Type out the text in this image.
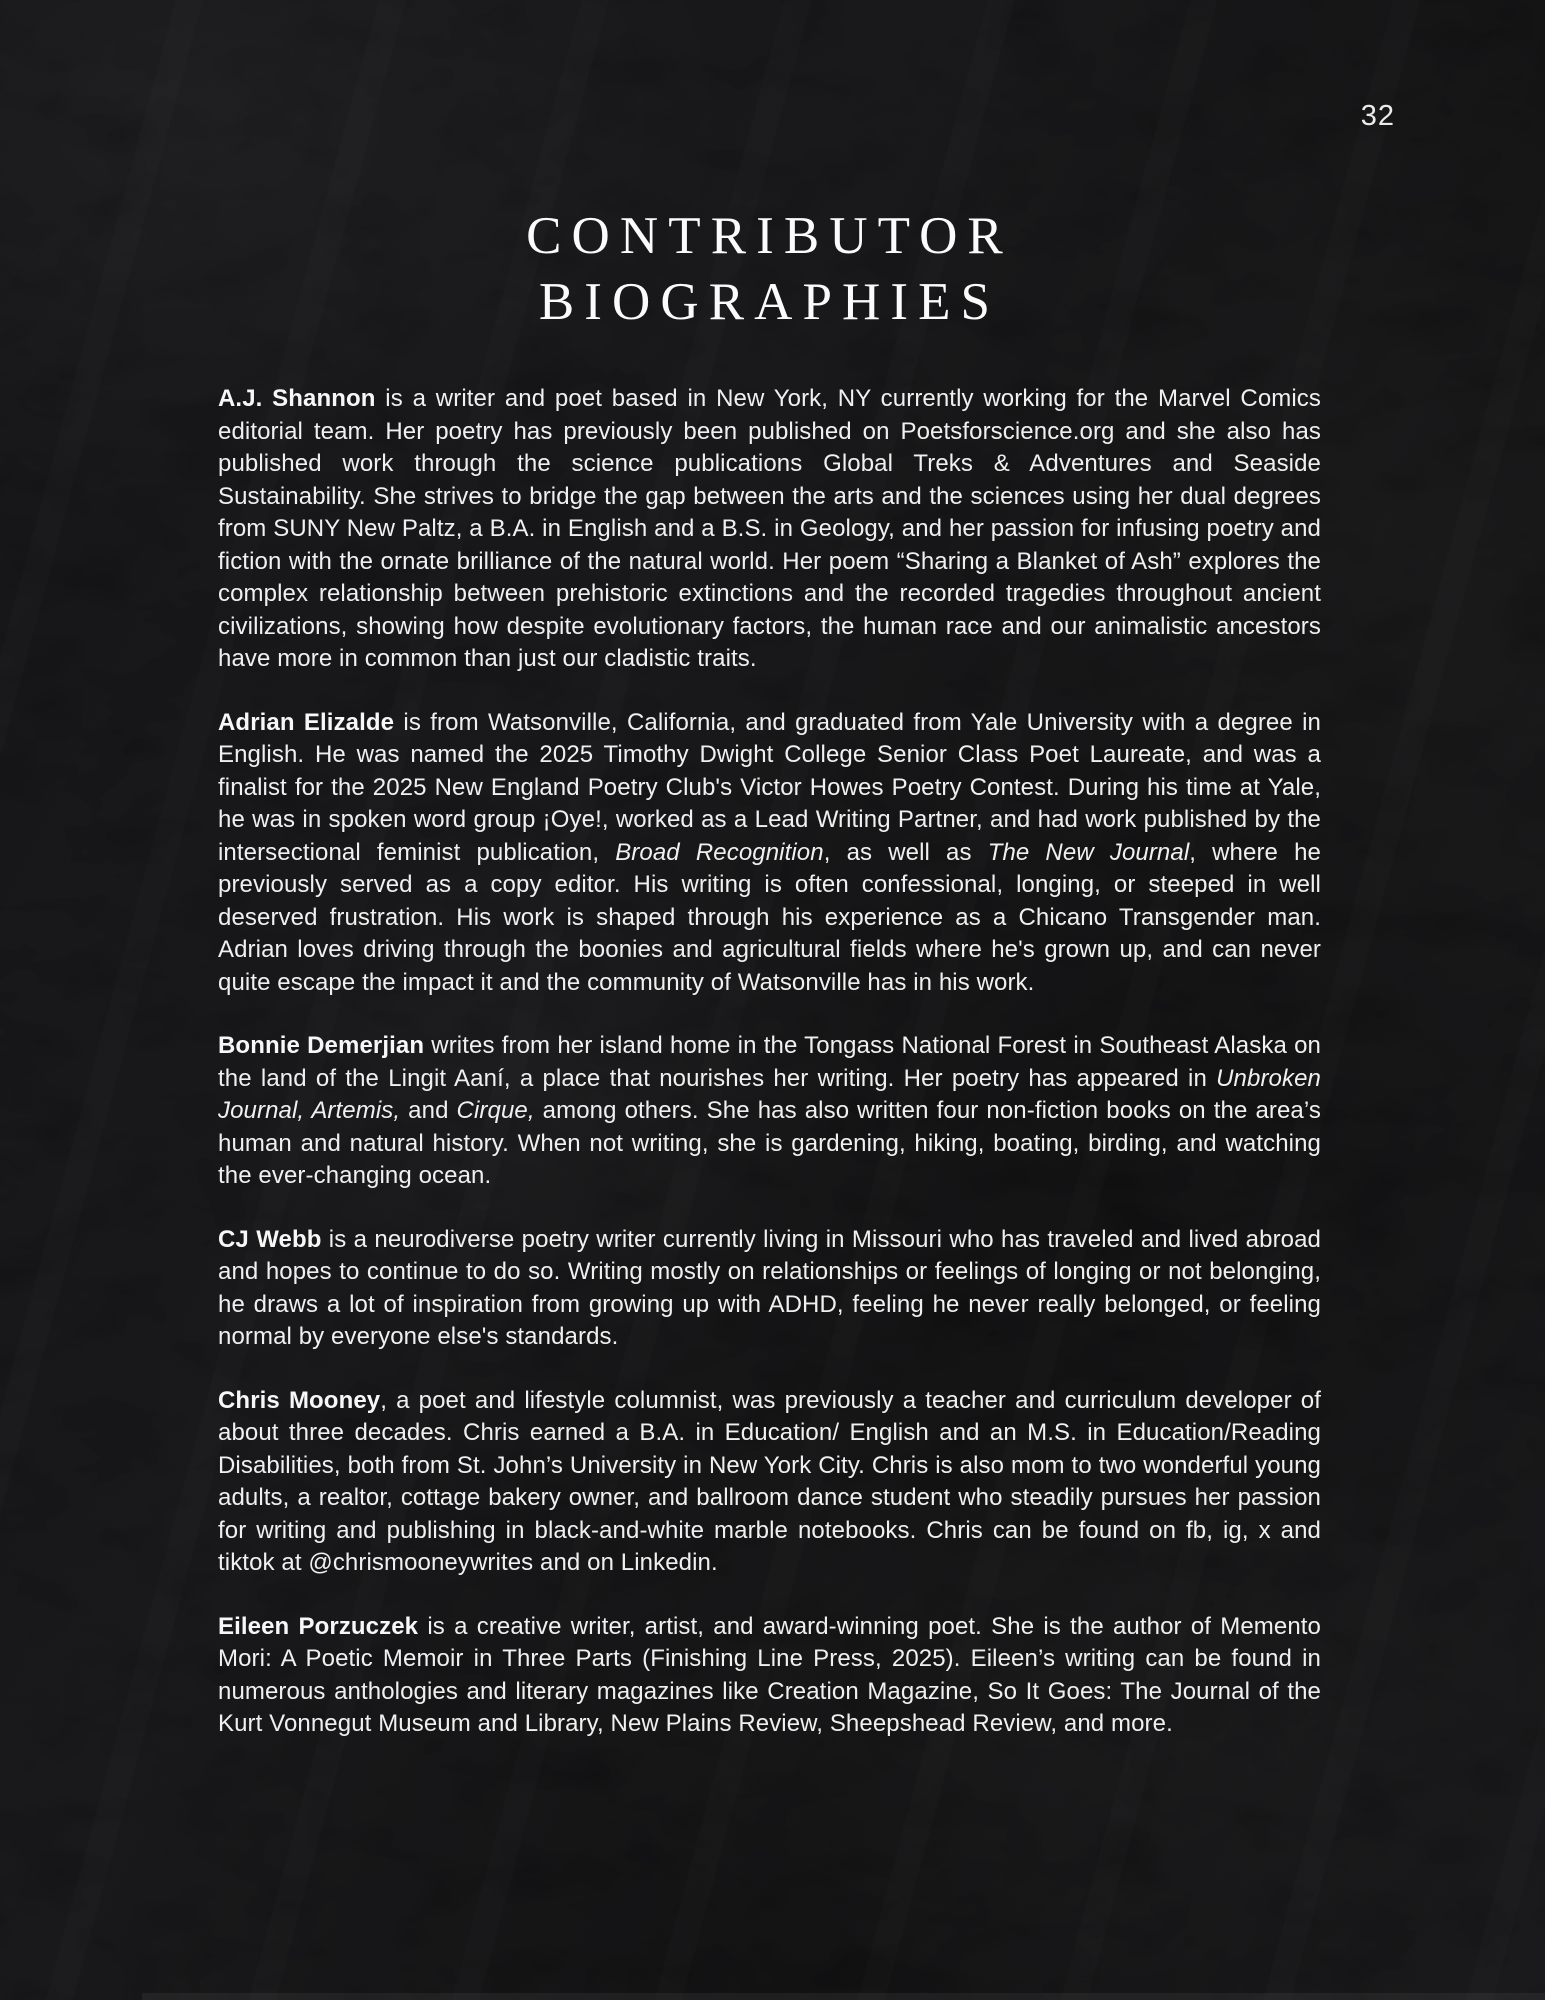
32
CONTRIBUTOR
BIOGRAPHIES

A.J. Shannon is a writer and poet based in New York, NY currently working for the Marvel Comics editorial team. Her poetry has previously been published on Poetsforscience.org and she also has published work through the science publications Global Treks & Adventures and Seaside Sustainability. She strives to bridge the gap between the arts and the sciences using her dual degrees from SUNY New Paltz, a B.A. in English and a B.S. in Geology, and her passion for infusing poetry and fiction with the ornate brilliance of the natural world. Her poem “Sharing a Blanket of Ash” explores the complex relationship between prehistoric extinctions and the recorded tragedies throughout ancient civilizations, showing how despite evolutionary factors, the human race and our animalistic ancestors have more in common than just our cladistic traits.

Adrian Elizalde is from Watsonville, California, and graduated from Yale University with a degree in English. He was named the 2025 Timothy Dwight College Senior Class Poet Laureate, and was a finalist for the 2025 New England Poetry Club's Victor Howes Poetry Contest. During his time at Yale, he was in spoken word group ¡Oye!, worked as a Lead Writing Partner, and had work published by the intersectional feminist publication, Broad Recognition, as well as The New Journal, where he previously served as a copy editor. His writing is often confessional, longing, or steeped in well deserved frustration. His work is shaped through his experience as a Chicano Transgender man. Adrian loves driving through the boonies and agricultural fields where he's grown up, and can never quite escape the impact it and the community of Watsonville has in his work.

Bonnie Demerjian writes from her island home in the Tongass National Forest in Southeast Alaska on the land of the Lingit Aaní, a place that nourishes her writing. Her poetry has appeared in Unbroken Journal, Artemis, and Cirque, among others. She has also written four non-fiction books on the area’s human and natural history. When not writing, she is gardening, hiking, boating, birding, and watching the ever-changing ocean.

CJ Webb is a neurodiverse poetry writer currently living in Missouri who has traveled and lived abroad and hopes to continue to do so. Writing mostly on relationships or feelings of longing or not belonging, he draws a lot of inspiration from growing up with ADHD, feeling he never really belonged, or feeling normal by everyone else's standards.

Chris Mooney, a poet and lifestyle columnist, was previously a teacher and curriculum developer of about three decades. Chris earned a B.A. in Education/ English and an M.S. in Education/Reading Disabilities, both from St. John’s University in New York City. Chris is also mom to two wonderful young adults, a realtor, cottage bakery owner, and ballroom dance student who steadily pursues her passion for writing and publishing in black-and-white marble notebooks. Chris can be found on fb, ig, x and tiktok at @chrismooneywrites and on Linkedin.

Eileen Porzuczek is a creative writer, artist, and award-winning poet. She is the author of Memento Mori: A Poetic Memoir in Three Parts (Finishing Line Press, 2025). Eileen’s writing can be found in numerous anthologies and literary magazines like Creation Magazine, So It Goes: The Journal of the Kurt Vonnegut Museum and Library, New Plains Review, Sheepshead Review, and more.
